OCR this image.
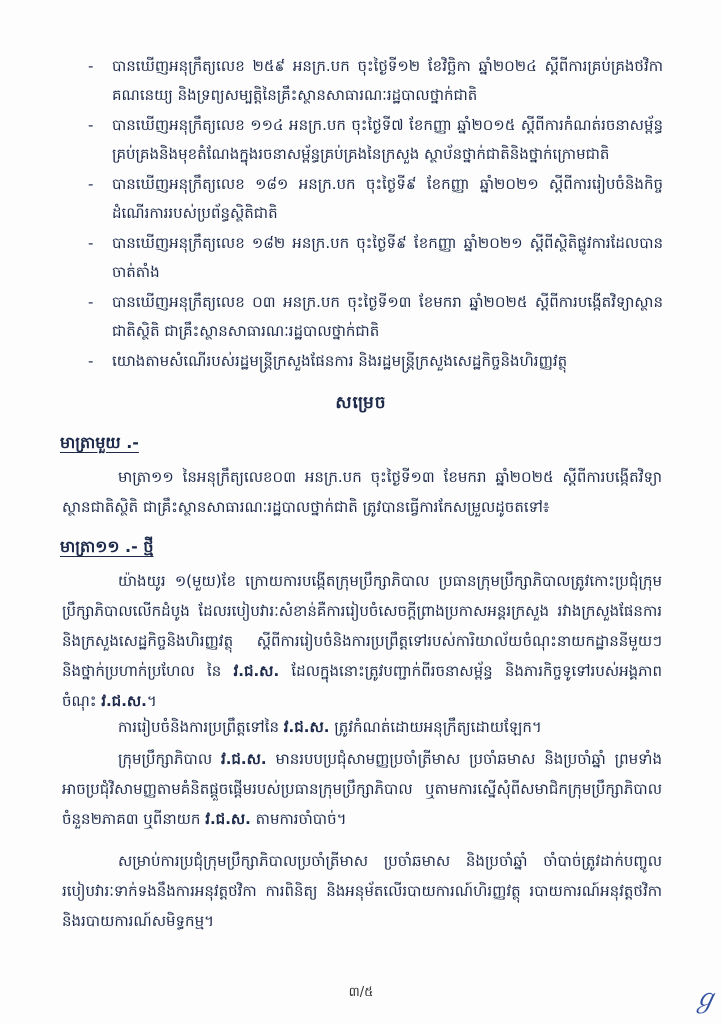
- បានឃើញអនុក្រឹត្យលេខ ២៥៩ អនក្រ.បក ចុះថ្ងៃទី១២ ខែវិច្ឆិកា ឆ្នាំ២០២៤ ស្ដីពីការគ្រប់គ្រងថវិកា គណនេយ្យ និងទ្រព្យសម្បត្តិនៃគ្រឹះស្ថានសាធារណៈរដ្ឋបាលថ្នាក់ជាតិ
- បានឃើញអនុក្រឹត្យលេខ ១១៤ អនក្រ.បក ចុះថ្ងៃទី៧ ខែកញ្ញា ឆ្នាំ២០១៥ ស្ដីពីការកំណត់រចនាសម្ព័ន្ធគ្រប់គ្រងនិងមុខតំណែងក្នុងរចនាសម្ព័ន្ធគ្រប់គ្រងនៃក្រសួង ស្ថាប័នថ្នាក់ជាតិនិងថ្នាក់ក្រោមជាតិ
- បានឃើញអនុក្រឹត្យលេខ ១៨១ អនក្រ.បក ចុះថ្ងៃទី៩ ខែកញ្ញា ឆ្នាំ២០២១ ស្ដីពីការរៀបចំនិងកិច្ចដំណើរការរបស់ប្រព័ន្ធស្ថិតិជាតិ
- បានឃើញអនុក្រឹត្យលេខ ១៨២ អនក្រ.បក ចុះថ្ងៃទី៩ ខែកញ្ញា ឆ្នាំ២០២១ ស្ដីពីស្ថិតិផ្លូវការដែលបានចាត់តាំង
- បានឃើញអនុក្រឹត្យលេខ ០៣ អនក្រ.បក ចុះថ្ងៃទី១៣ ខែមករា ឆ្នាំ២០២៥ ស្ដីពីការបង្កើតវិទ្យាស្ថានជាតិស្ថិតិ ជាគ្រឹះស្ថានសាធារណៈរដ្ឋបាលថ្នាក់ជាតិ
- យោងតាមសំណើរបស់រដ្ឋមន្ត្រីក្រសួងផែនការ និងរដ្ឋមន្ត្រីក្រសួងសេដ្ឋកិច្ចនិងហិរញ្ញវត្ថុ
សម្រេច
មាត្រាមួយ .-

មាត្រា១១ នៃអនុក្រឹត្យលេខ០៣ អនក្រ.បក ចុះថ្ងៃទី១៣ ខែមករា ឆ្នាំ២០២៥ ស្ដីពីការបង្កើតវិទ្យាស្ថានជាតិស្ថិតិ ជាគ្រឹះស្ថានសាធារណៈរដ្ឋបាលថ្នាក់ជាតិ ត្រូវបានធ្វើការកែសម្រួលដូចតទៅ៖

មាត្រា១១ .- ថ្មី

យ៉ាងយូរ ១(មួយ)ខែ ក្រោយការបង្កើតក្រុមប្រឹក្សាភិបាល ប្រធានក្រុមប្រឹក្សាភិបាលត្រូវកោះប្រជុំក្រុមប្រឹក្សាភិបាលលើកដំបូង ដែលរបៀបវារៈសំខាន់គឺការរៀបចំសេចក្ដីព្រាងប្រកាសអន្តរក្រសួង រវាងក្រសួងផែនការ និងក្រសួងសេដ្ឋកិច្ចនិងហិរញ្ញវត្ថុ ស្ដីពីការរៀបចំនិងការប្រព្រឹត្តទៅរបស់ការិយាល័យចំណុះនាយកដ្ឋាននីមួយៗ និងថ្នាក់ប្រហាក់ប្រហែល នៃ វ.ជ.ស. ដែលក្នុងនោះត្រូវបញ្ជាក់ពីរចនាសម្ព័ន្ធ និងភារកិច្ចទូទៅរបស់អង្គភាពចំណុះ វ.ជ.ស.។

ការរៀបចំនិងការប្រព្រឹត្តទៅនៃ វ.ជ.ស. ត្រូវកំណត់ដោយអនុក្រឹត្យដោយឡែក។

ក្រុមប្រឹក្សាភិបាល វ.ជ.ស. មានរបបប្រជុំសាមញ្ញប្រចាំត្រីមាស ប្រចាំឆមាស និងប្រចាំឆ្នាំ ព្រមទាំងអាចប្រជុំវិសាមញ្ញតាមគំនិតផ្ដួចផ្ដើមរបស់ប្រធានក្រុមប្រឹក្សាភិបាល ឬតាមការស្នើសុំពីសមាជិកក្រុមប្រឹក្សាភិបាលចំនួន២ភាគ៣ ឬពីនាយក វ.ជ.ស. តាមការចាំបាច់។

សម្រាប់ការប្រជុំក្រុមប្រឹក្សាភិបាលប្រចាំត្រីមាស ប្រចាំឆមាស និងប្រចាំឆ្នាំ ចាំបាច់ត្រូវដាក់បញ្ចូលរបៀបវារៈទាក់ទងនឹងការអនុវត្តថវិកា ការពិនិត្យ និងអនុម័តលើរបាយការណ៍ហិរញ្ញវត្ថុ របាយការណ៍អនុវត្តថវិកា និងរបាយការណ៍សមិទ្ធកម្ម។

៣/៥	ℊ
